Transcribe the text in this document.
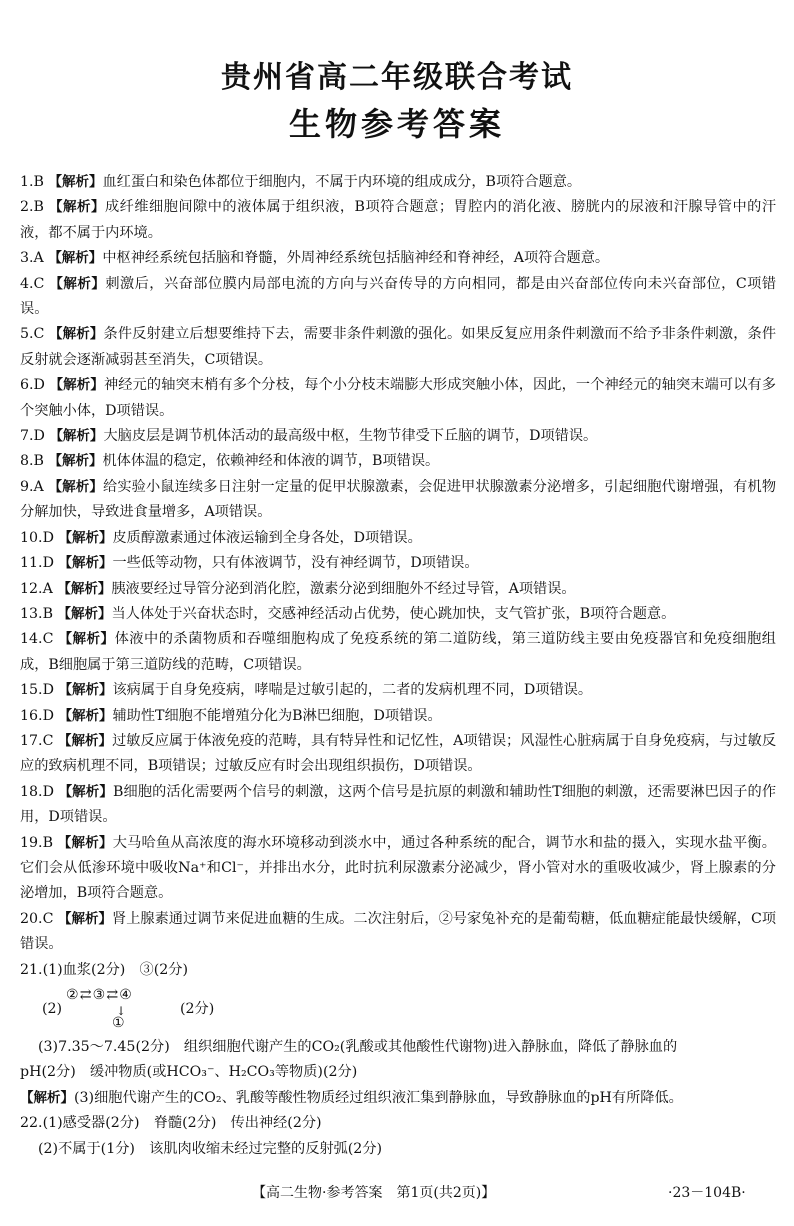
贵州省高二年级联合考试
生物参考答案

1.B 【解析】血红蛋白和染色体都位于细胞内，不属于内环境的组成成分，B项符合题意。

2.B 【解析】成纤维细胞间隙中的液体属于组织液，B项符合题意；胃腔内的消化液、膀胱内的尿液和汗腺导管中的汗液，都不属于内环境。

3.A 【解析】中枢神经系统包括脑和脊髓，外周神经系统包括脑神经和脊神经，A项符合题意。

4.C 【解析】刺激后，兴奋部位膜内局部电流的方向与兴奋传导的方向相同，都是由兴奋部位传向未兴奋部位，C项错误。

5.C 【解析】条件反射建立后想要维持下去，需要非条件刺激的强化。如果反复应用条件刺激而不给予非条件刺激，条件反射就会逐渐减弱甚至消失，C项错误。

6.D 【解析】神经元的轴突末梢有多个分枝，每个小分枝末端膨大形成突触小体，因此，一个神经元的轴突末端可以有多个突触小体，D项错误。

7.D 【解析】大脑皮层是调节机体活动的最高级中枢，生物节律受下丘脑的调节，D项错误。

8.B 【解析】机体体温的稳定，依赖神经和体液的调节，B项错误。

9.A 【解析】给实验小鼠连续多日注射一定量的促甲状腺激素，会促进甲状腺激素分泌增多，引起细胞代谢增强，有机物分解加快，导致进食量增多，A项错误。

10.D 【解析】皮质醇激素通过体液运输到全身各处，D项错误。

11.D 【解析】一些低等动物，只有体液调节，没有神经调节，D项错误。

12.A 【解析】胰液要经过导管分泌到消化腔，激素分泌到细胞外不经过导管，A项错误。

13.B 【解析】当人体处于兴奋状态时，交感神经活动占优势，使心跳加快，支气管扩张，B项符合题意。

14.C 【解析】体液中的杀菌物质和吞噬细胞构成了免疫系统的第二道防线，第三道防线主要由免疫器官和免疫细胞组成，B细胞属于第三道防线的范畴，C项错误。

15.D 【解析】该病属于自身免疫病，哮喘是过敏引起的，二者的发病机理不同，D项错误。

16.D 【解析】辅助性T细胞不能增殖分化为B淋巴细胞，D项错误。

17.C 【解析】过敏反应属于体液免疫的范畴，具有特异性和记忆性，A项错误；风湿性心脏病属于自身免疫病，与过敏反应的致病机理不同，B项错误；过敏反应有时会出现组织损伤，D项错误。

18.D 【解析】B细胞的活化需要两个信号的刺激，这两个信号是抗原的刺激和辅助性T细胞的刺激，还需要淋巴因子的作用，D项错误。

19.B 【解析】大马哈鱼从高浓度的海水环境移动到淡水中，通过各种系统的配合，调节水和盐的摄入，实现水盐平衡。它们会从低渗环境中吸收Na⁺和Cl⁻，并排出水分，此时抗利尿激素分泌减少，肾小管对水的重吸收减少，肾上腺素的分泌增加，B项符合题意。

20.C 【解析】肾上腺素通过调节来促进血糖的生成。二次注射后，②号家兔补充的是葡萄糖，低血糖症能最快缓解，C项错误。

21.(1)血浆(2分)　③(2分)

(2)
②⇄③⇄④
↓
①
(2分)

(3)7.35～7.45(2分)　组织细胞代谢产生的CO₂(乳酸或其他酸性代谢物)进入静脉血，降低了静脉血的

pH(2分)　缓冲物质(或HCO₃⁻、H₂CO₃等物质)(2分)

【解析】(3)细胞代谢产生的CO₂、乳酸等酸性物质经过组织液汇集到静脉血，导致静脉血的pH有所降低。

22.(1)感受器(2分)　脊髓(2分)　传出神经(2分)

(2)不属于(1分)　该肌肉收缩未经过完整的反射弧(2分)

【高二生物·参考答案　第1页(共2页)】	·23－104B·
